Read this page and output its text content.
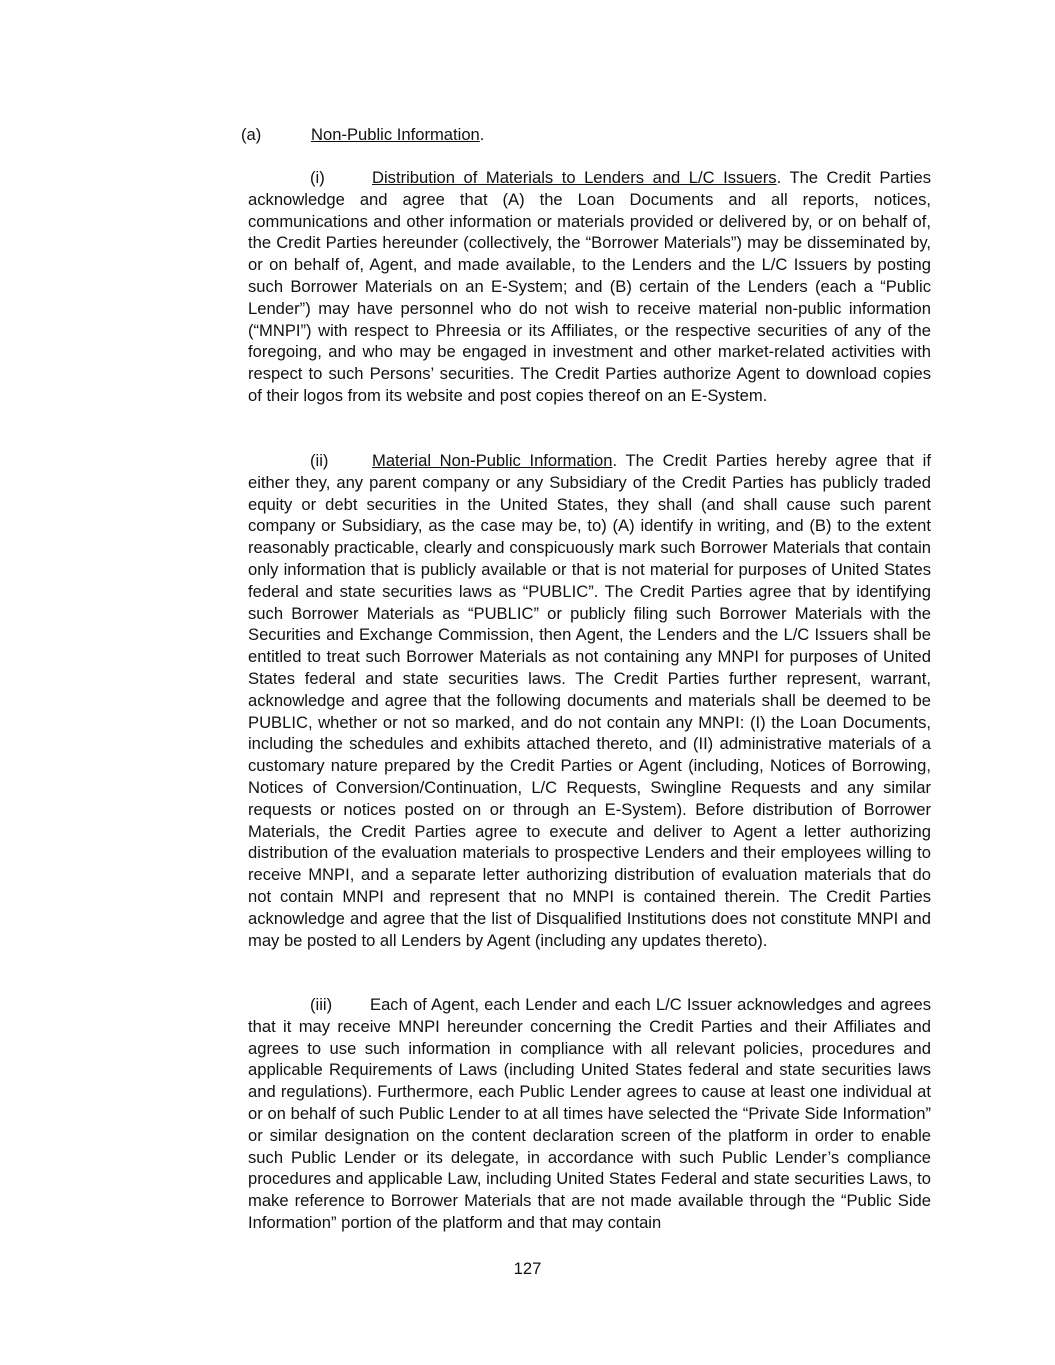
(a)	Non-Public Information.

(i)	Distribution of Materials to Lenders and L/C Issuers. The Credit Parties acknowledge and agree that (A) the Loan Documents and all reports, notices, communications and other information or materials provided or delivered by, or on behalf of, the Credit Parties hereunder (collectively, the “Borrower Materials”) may be disseminated by, or on behalf of, Agent, and made available, to the Lenders and the L/C Issuers by posting such Borrower Materials on an E-System; and (B) certain of the Lenders (each a “Public Lender”) may have personnel who do not wish to receive material non-public information (“MNPI”) with respect to Phreesia or its Affiliates, or the respective securities of any of the foregoing, and who may be engaged in investment and other market-related activities with respect to such Persons’ securities. The Credit Parties authorize Agent to download copies of their logos from its website and post copies thereof on an E-System.

(ii)	Material Non-Public Information. The Credit Parties hereby agree that if either they, any parent company or any Subsidiary of the Credit Parties has publicly traded equity or debt securities in the United States, they shall (and shall cause such parent company or Subsidiary, as the case may be, to) (A) identify in writing, and (B) to the extent reasonably practicable, clearly and conspicuously mark such Borrower Materials that contain only information that is publicly available or that is not material for purposes of United States federal and state securities laws as “PUBLIC”. The Credit Parties agree that by identifying such Borrower Materials as “PUBLIC” or publicly filing such Borrower Materials with the Securities and Exchange Commission, then Agent, the Lenders and the L/C Issuers shall be entitled to treat such Borrower Materials as not containing any MNPI for purposes of United States federal and state securities laws. The Credit Parties further represent, warrant, acknowledge and agree that the following documents and materials shall be deemed to be PUBLIC, whether or not so marked, and do not contain any MNPI: (I) the Loan Documents, including the schedules and exhibits attached thereto, and (II) administrative materials of a customary nature prepared by the Credit Parties or Agent (including, Notices of Borrowing, Notices of Conversion/Continuation, L/C Requests, Swingline Requests and any similar requests or notices posted on or through an E-System). Before distribution of Borrower Materials, the Credit Parties agree to execute and deliver to Agent a letter authorizing distribution of the evaluation materials to prospective Lenders and their employees willing to receive MNPI, and a separate letter authorizing distribution of evaluation materials that do not contain MNPI and represent that no MNPI is contained therein. The Credit Parties acknowledge and agree that the list of Disqualified Institutions does not constitute MNPI and may be posted to all Lenders by Agent (including any updates thereto).

(iii) Each of Agent, each Lender and each L/C Issuer acknowledges and agrees that it may receive MNPI hereunder concerning the Credit Parties and their Affiliates and agrees to use such information in compliance with all relevant policies, procedures and applicable Requirements of Laws (including United States federal and state securities laws and regulations). Furthermore, each Public Lender agrees to cause at least one individual at or on behalf of such Public Lender to at all times have selected the “Private Side Information” or similar designation on the content declaration screen of the platform in order to enable such Public Lender or its delegate, in accordance with such Public Lender’s compliance procedures and applicable Law, including United States Federal and state securities Laws, to make reference to Borrower Materials that are not made available through the “Public Side Information” portion of the platform and that may contain

127
